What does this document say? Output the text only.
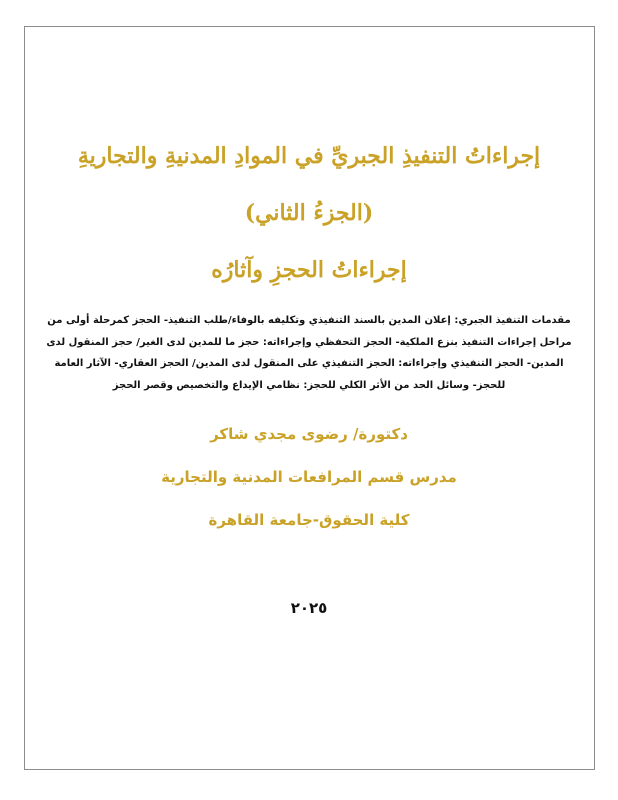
إجراءاتُ التنفيذِ الجبريِّ في الموادِ المدنيةِ والتجاريةِ
(الجزءُ الثاني)
إجراءاتُ الحجزِ وآثارُه
مقدمات التنفيذ الجبري: إعلان المدين بالسند التنفيذي وتكليفه بالوفاء/طلب التنفيذ- الحجز كمرحلة أولى من مراحل إجراءات التنفيذ بنزع الملكية- الحجز التحفظي وإجراءاته: حجز ما للمدين لدى الغير/ حجز المنقول لدى المدين- الحجز التنفيذي وإجراءاته: الحجز التنفيذي على المنقول لدى المدين/ الحجز العقاري- الآثار العامة للحجز- وسائل الحد من الأثر الكلي للحجز: نظامي الإيداع والتخصيص وقصر الحجز
دكتورة/ رضوى مجدي شاكر
مدرس قسم المرافعات المدنية والتجارية
كلية الحقوق-جامعة القاهرة
٢٠٢٥
